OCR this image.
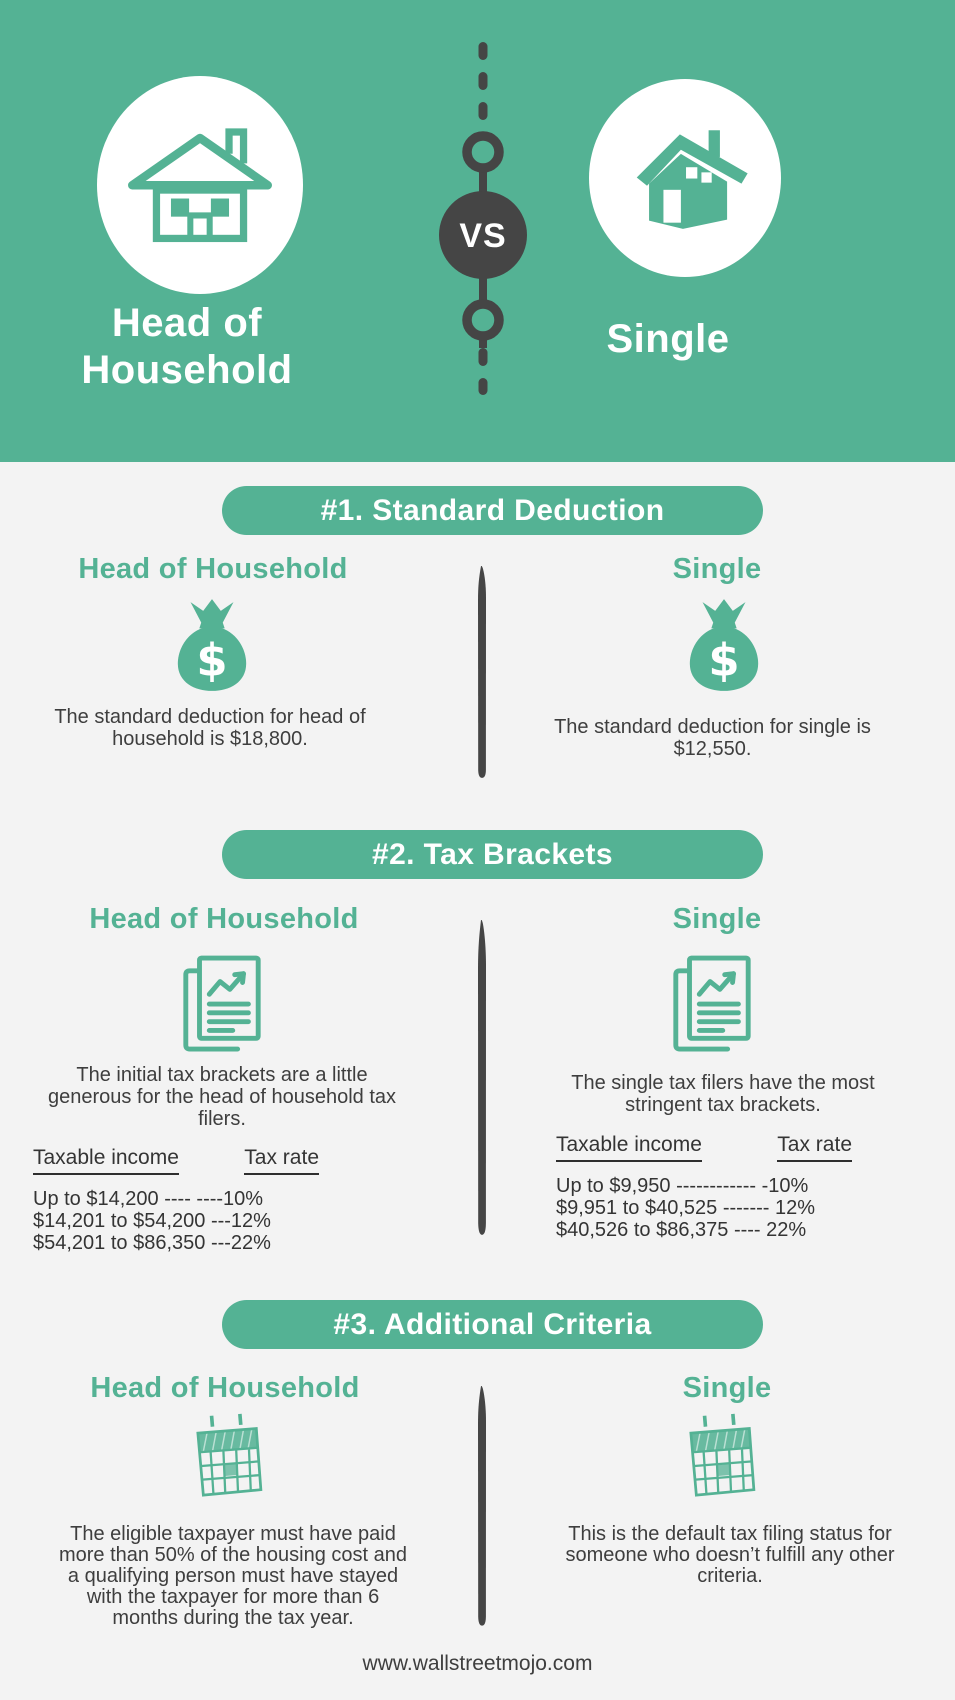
Head of Household
Single
VS
#1. Standard Deduction
Head of Household	Single
$	$
The standard deduction for head of household is $18,800.
The standard deduction for single is $12,550.
#2. Tax Brackets
Head of Household	Single
The initial tax brackets are a little generous for the head of household tax filers.
The single tax filers have the most stringent tax brackets.
Taxable income	Tax rate
Up to $14,200 ---- ----10%
$14,201 to $54,200 ---12%
$54,201 to $86,350 ---22%
Taxable income	Tax rate
Up to $9,950 ------------ -10%
$9,951 to $40,525 ------- 12%
$40,526 to $86,375 ---- 22%
#3. Additional Criteria
Head of Household	Single
The eligible taxpayer must have paid more than 50% of the housing cost and a qualifying person must have stayed with the taxpayer for more than 6 months during the tax year.
This is the default tax filing status for someone who doesn’t fulfill any other criteria.
www.wallstreetmojo.com
